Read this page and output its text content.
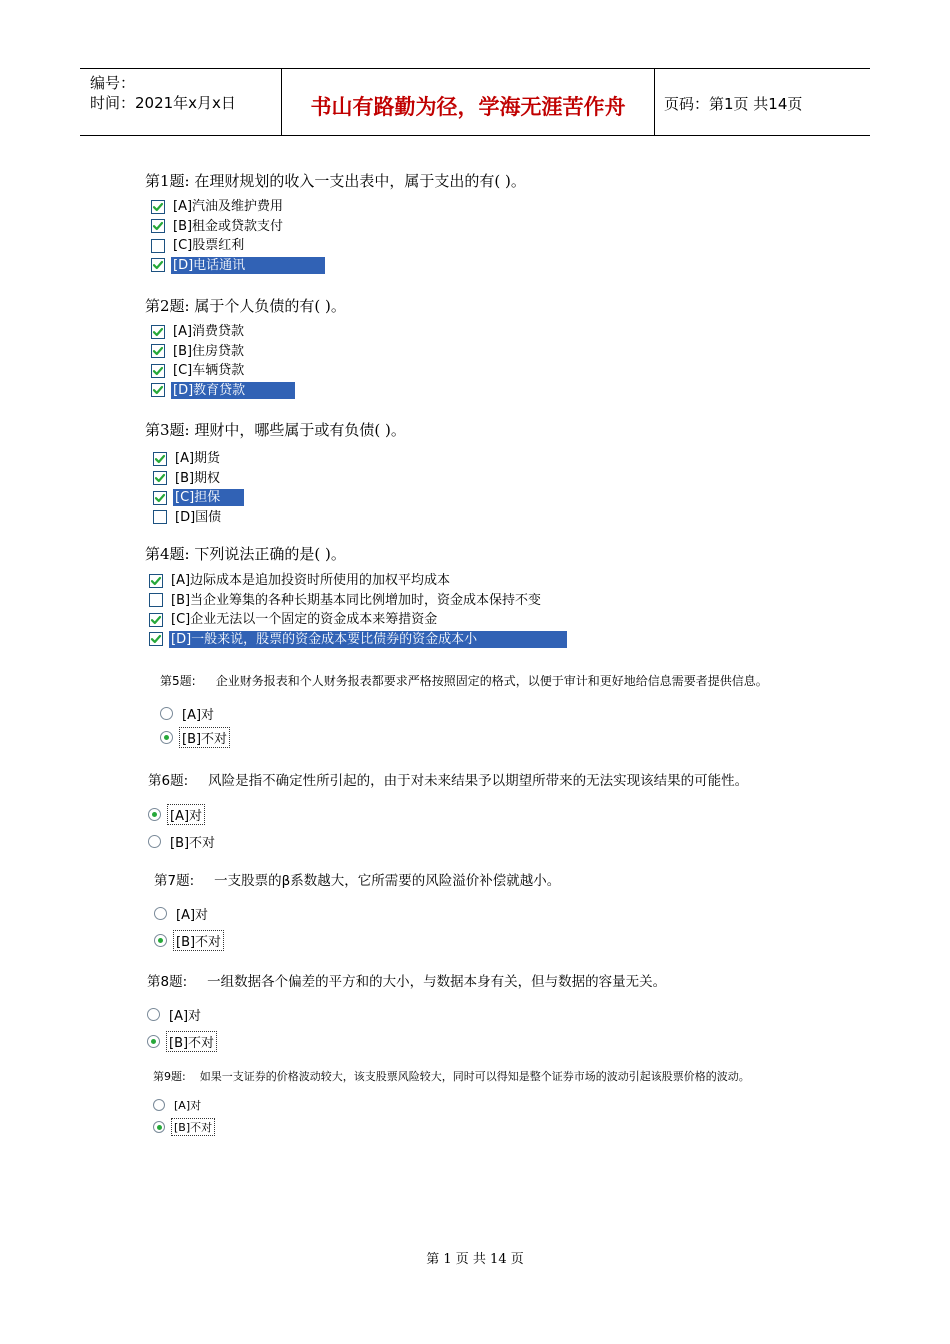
编号：
时间：2021年x月x日	书山有路勤为径，学海无涯苦作舟	页码：第1页 共14页
第1题: 在理财规划的收入一支出表中，属于支出的有( )。
[A]汽油及维护费用
[B]租金或贷款支付
[C]股票红利
[D]电话通讯
第2题: 属于个人负债的有( )。
[A]消费贷款
[B]住房贷款
[C]车辆贷款
[D]教育贷款
第3题: 理财中，哪些属于或有负债( )。
[A]期货
[B]期权
[C]担保
[D]国债
第4题: 下列说法正确的是( )。
[A]边际成本是追加投资时所使用的加权平均成本
[B]当企业筹集的各种长期基本同比例增加时，资金成本保持不变
[C]企业无法以一个固定的资金成本来筹措资金
[D]一般来说，股票的资金成本要比债券的资金成本小
第5题: 企业财务报表和个人财务报表都要求严格按照固定的格式，以便于审计和更好地给信息需要者提供信息。
[A]对
[B]不对
第6题: 风险是指不确定性所引起的，由于对未来结果予以期望所带来的无法实现该结果的可能性。
[A]对
[B]不对
第7题: 一支股票的β系数越大，它所需要的风险溢价补偿就越小。
[A]对
[B]不对
第8题: 一组数据各个偏差的平方和的大小，与数据本身有关，但与数据的容量无关。
[A]对
[B]不对
第9题: 如果一支证券的价格波动较大，该支股票风险较大，同时可以得知是整个证券市场的波动引起该股票价格的波动。
[A]对
[B]不对
第 1 页 共 14 页
